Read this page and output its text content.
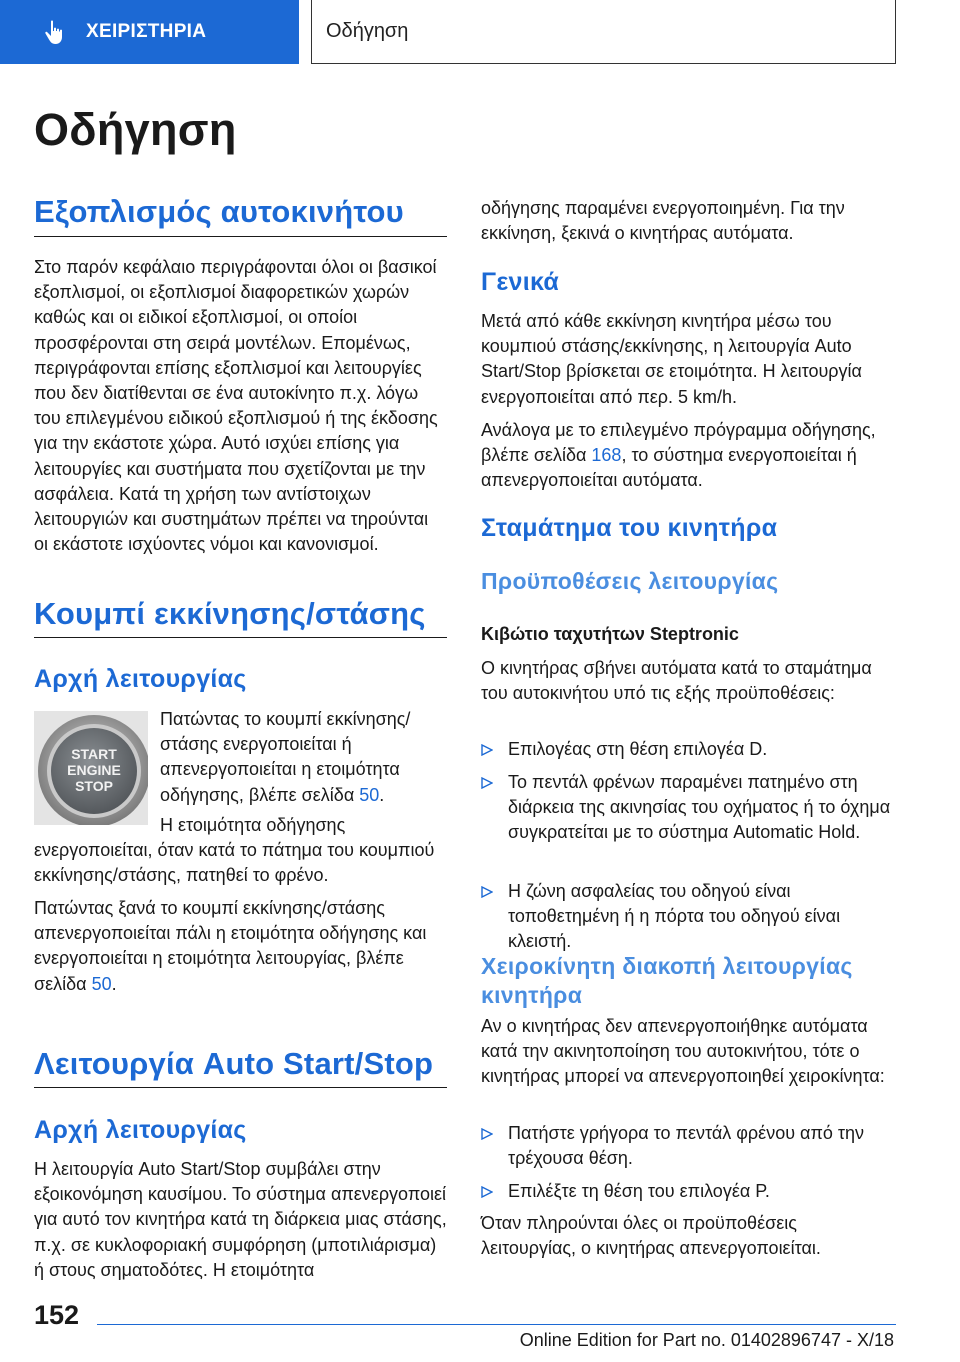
ΧΕΙΡΙΣΤΗΡΙΑ	Οδήγηση
Οδήγηση
Εξοπλισμός αυτοκινήτου
Στο παρόν κεφάλαιο περιγράφονται όλοι οι βασικοί εξοπλισμοί, οι εξοπλισμοί διαφορετικών χωρών καθώς και οι ειδικοί εξοπλισμοί, οι οποίοι προσφέρονται στη σειρά μοντέλων. Επομένως, περιγράφονται επίσης εξοπλισμοί και λειτουργίες που δεν διατίθενται σε ένα αυτοκίνητο π.χ. λόγω του επιλεγμένου ειδικού εξοπλισμού ή της έκδοσης για την εκάστοτε χώρα. Αυτό ισχύει επίσης για λειτουργίες και συστήματα που σχετίζονται με την ασφάλεια. Κατά τη χρήση των αντίστοιχων λειτουργιών και συστημάτων πρέπει να τηρούνται οι εκάστοτε ισχύοντες νόμοι και κανονισμοί.
Κουμπί εκκίνησης/στάσης
Αρχή λειτουργίας
START
ENGINE
STOP
Πατώντας το κουμπί εκκίνησης/στάσης ενεργοποιείται ή απενεργοποιείται η ετοιμότητα οδήγησης, βλέπε σελίδα 50.
Η ετοιμότητα οδήγησης ενεργοποιείται, όταν κατά το πάτημα του κουμπιού εκκίνησης/στάσης, πατηθεί το φρένο.
Πατώντας ξανά το κουμπί εκκίνησης/στάσης απενεργοποιείται πάλι η ετοιμότητα οδήγησης και ενεργοποιείται η ετοιμότητα λειτουργίας, βλέπε σελίδα 50.
Λειτουργία Auto Start/Stop
Αρχή λειτουργίας
Η λειτουργία Auto Start/Stop συμβάλει στην εξοικονόμηση καυσίμου. Το σύστημα απενεργοποιεί για αυτό τον κινητήρα κατά τη διάρκεια μιας στάσης, π.χ. σε κυκλοφοριακή συμφόρηση (μποτιλιάρισμα) ή στους σηματοδότες. Η ετοιμότητα
οδήγησης παραμένει ενεργοποιημένη. Για την εκκίνηση, ξεκινά ο κινητήρας αυτόματα.
Γενικά
Μετά από κάθε εκκίνηση κινητήρα μέσω του κουμπιού στάσης/εκκίνησης, η λειτουργία Auto Start/Stop βρίσκεται σε ετοιμότητα. Η λειτουργία ενεργοποιείται από περ. 5 km/h.
Ανάλογα με το επιλεγμένο πρόγραμμα οδήγησης, βλέπε σελίδα 168, το σύστημα ενεργοποιείται ή απενεργοποιείται αυτόματα.
Σταμάτημα του κινητήρα
Προϋποθέσεις λειτουργίας
Κιβώτιο ταχυτήτων Steptronic
Ο κινητήρας σβήνει αυτόματα κατά το σταμάτημα του αυτοκινήτου υπό τις εξής προϋποθέσεις:
Επιλογέας στη θέση επιλογέα D.
Το πεντάλ φρένων παραμένει πατημένο στη διάρκεια της ακινησίας του οχήματος ή το όχημα συγκρατείται με το σύστημα Automatic Hold.
Η ζώνη ασφαλείας του οδηγού είναι τοποθετημένη ή η πόρτα του οδηγού είναι κλειστή.
Χειροκίνητη διακοπή λειτουργίας κινητήρα
Αν ο κινητήρας δεν απενεργοποιήθηκε αυτόματα κατά την ακινητοποίηση του αυτοκινήτου, τότε ο κινητήρας μπορεί να απενεργοποιηθεί χειροκίνητα:
Πατήστε γρήγορα το πεντάλ φρένου από την τρέχουσα θέση.
Επιλέξτε τη θέση του επιλογέα P.
Όταν πληρούνται όλες οι προϋποθέσεις λειτουργίας, ο κινητήρας απενεργοποιείται.
152
Online Edition for Part no. 01402896747 - X/18
